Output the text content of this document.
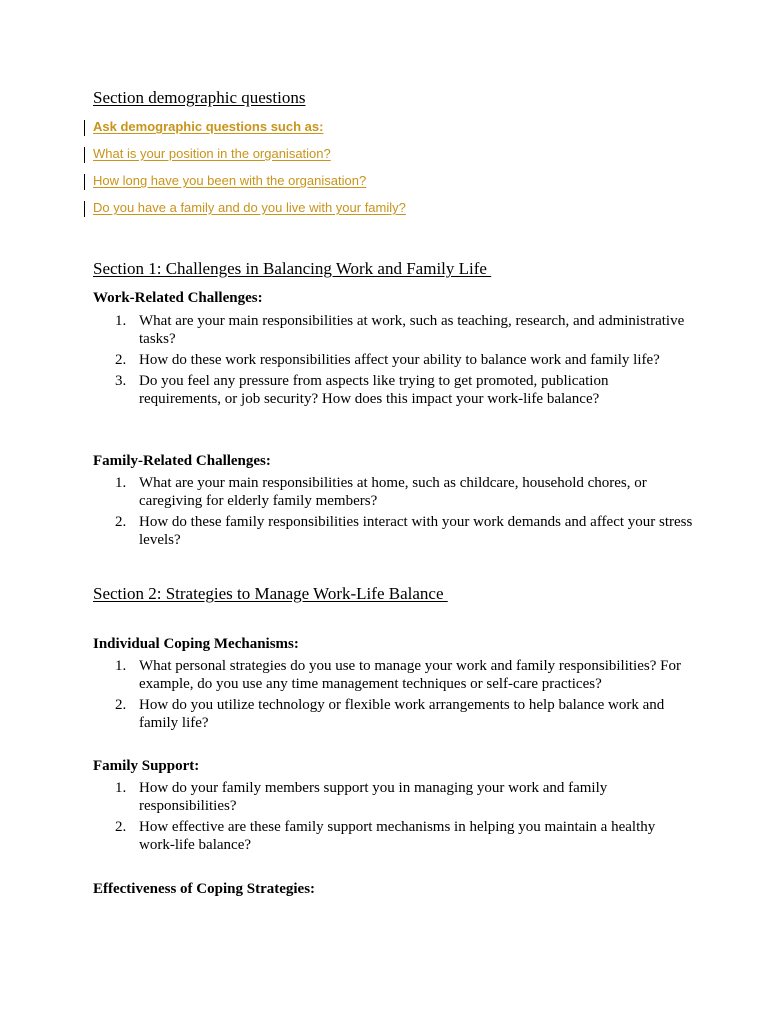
Section demographic questions
Ask demographic questions such as:
What is your position in the organisation?
How long have you been with the organisation?
Do you have a family and do you live with your family?
Section 1: Challenges in Balancing Work and Family Life
Work-Related Challenges:
1. What are your main responsibilities at work, such as teaching, research, and administrative tasks?
2. How do these work responsibilities affect your ability to balance work and family life?
3. Do you feel any pressure from aspects like trying to get promoted, publication requirements, or job security? How does this impact your work-life balance?
Family-Related Challenges:
1. What are your main responsibilities at home, such as childcare, household chores, or caregiving for elderly family members?
2. How do these family responsibilities interact with your work demands and affect your stress levels?
Section 2: Strategies to Manage Work-Life Balance
Individual Coping Mechanisms:
1. What personal strategies do you use to manage your work and family responsibilities? For example, do you use any time management techniques or self-care practices?
2. How do you utilize technology or flexible work arrangements to help balance work and family life?
Family Support:
1. How do your family members support you in managing your work and family responsibilities?
2. How effective are these family support mechanisms in helping you maintain a healthy work-life balance?
Effectiveness of Coping Strategies:
